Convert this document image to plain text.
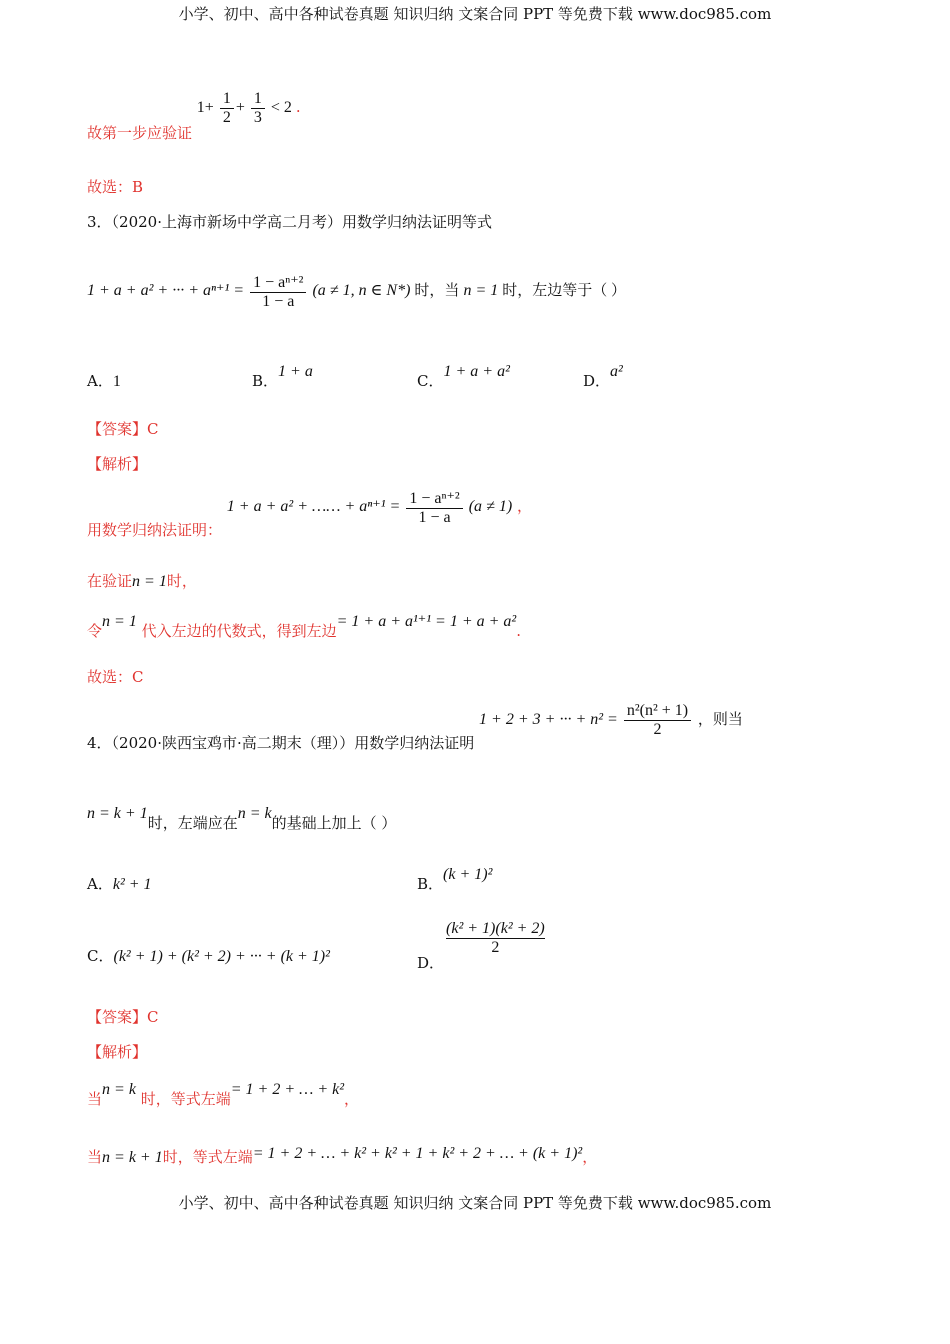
小学、初中、高中各种试卷真题 知识归纳 文案合同 PPT 等免费下载 www.doc985.com
故第一步应验证 $1+ \frac{1}{2} + \frac{1}{3} < 2$ .
故选：B
3．（2020·上海市新场中学高二月考）用数学归纳法证明等式
1 + a + a² + ··· + $a^{n+1} = \frac{\text{1 − aⁿ⁺²}}{1 - a} (a \ne 1$, n ∈ N*) 时，当 n = 1 时，左边等于（ ）
A．1	B．1 + a
C．1 + a + a²
D．a²
【答案】C
【解析】
用数学归纳法证明： 1 + a + a² + …… + $a^{n+1} = \frac{\text{1 − aⁿ⁺²}}{1 - a} (a \ne 1)$ ，
在验证n = 1时，
令n = 1 代入左边的代数式，得到左边= 1 + a + a¹⁺¹ = 1 + a + a².
故选：C
4．（2020·陕西宝鸡市·高二期末（理））用数学归纳法证明 1 + 2 + 3 + ··· + $n^2 = \frac{\text{n²(n² + 1)}}{2}$ ，则当
n = k + 1时，左端应在n = k的基础上加上（ ）
A．k² + 1	B．(k + 1)²
C．(k² + 1) + (k² + 2) + ··· + (k + 1)²	D．
$\frac{\text{(k² + 1)(k² + 2)}}{2}$
【答案】C
【解析】
当n = k 时，等式左端= 1 + 2 + … + k²，
当n = k + 1时，等式左端= 1 + 2 + … + k² + k² + 1 + k² + 2 + … + (k + 1)²，
小学、初中、高中各种试卷真题 知识归纳 文案合同 PPT 等免费下载 www.doc985.com
